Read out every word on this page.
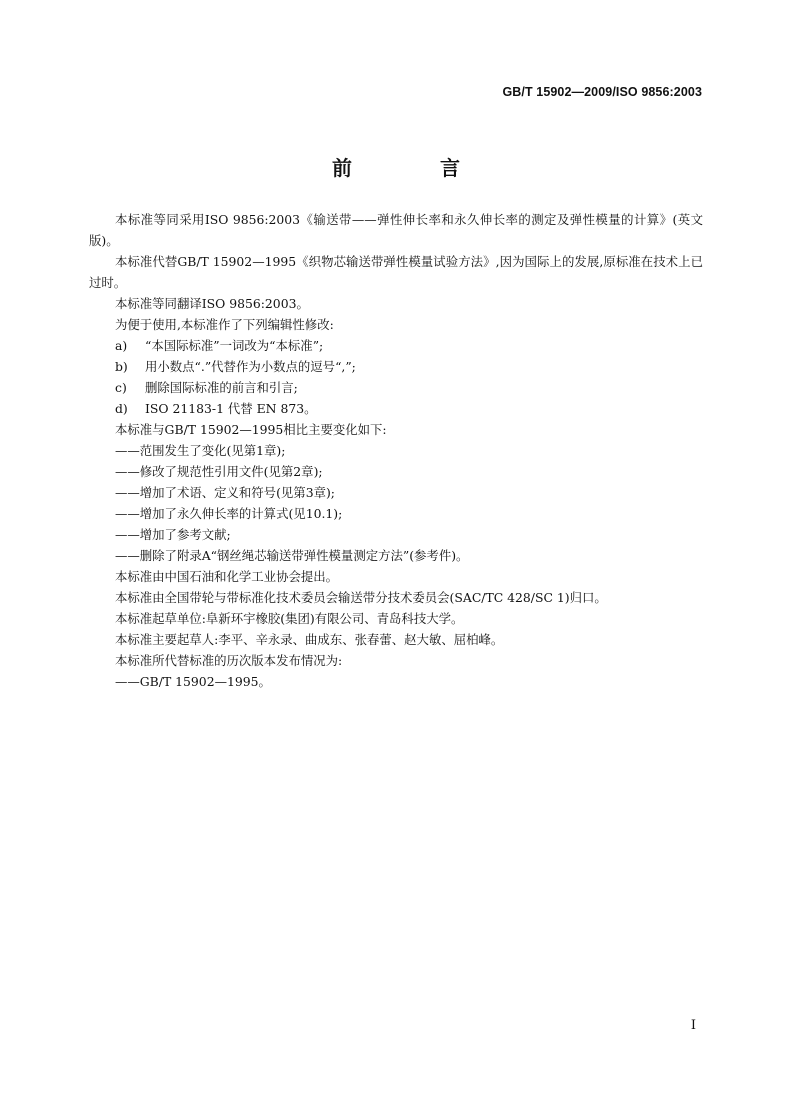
GB/T 15902—2009/ISO 9856:2003
前　言

本标准等同采用ISO 9856:2003《输送带——弹性伸长率和永久伸长率的测定及弹性模量的计算》(英文版)。

本标准代替GB/T 15902—1995《织物芯输送带弹性模量试验方法》,因为国际上的发展,原标准在技术上已过时。

本标准等同翻译ISO 9856:2003。

为便于使用,本标准作了下列编辑性修改:

a) “本国际标准”一词改为“本标准”;

b) 用小数点“.”代替作为小数点的逗号“,”;

c) 删除国际标准的前言和引言;

d) ISO 21183-1 代替 EN 873。

本标准与GB/T 15902—1995相比主要变化如下:

——范围发生了变化(见第1章);

——修改了规范性引用文件(见第2章);

——增加了术语、定义和符号(见第3章);

——增加了永久伸长率的计算式(见10.1);

——增加了参考文献;

——删除了附录A“钢丝绳芯输送带弹性模量测定方法”(参考件)。

本标准由中国石油和化学工业协会提出。

本标准由全国带轮与带标准化技术委员会输送带分技术委员会(SAC/TC 428/SC 1)归口。

本标准起草单位:阜新环宇橡胶(集团)有限公司、青岛科技大学。

本标准主要起草人:李平、辛永录、曲成东、张春蕾、赵大敏、屈柏峰。

本标准所代替标准的历次版本发布情况为:

——GB/T 15902—1995。

I
